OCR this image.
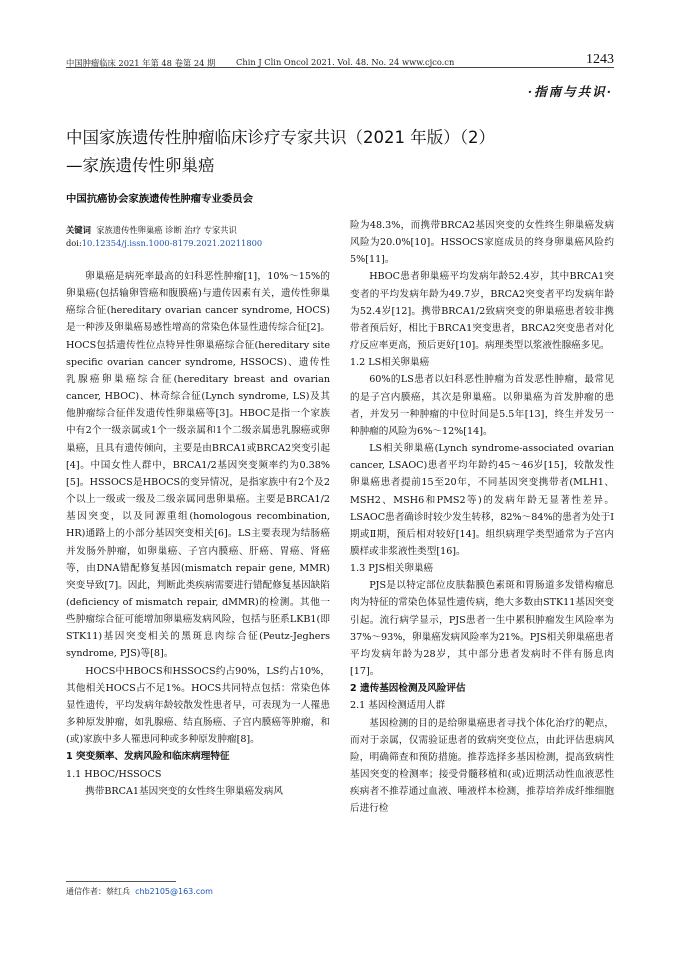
中国肿瘤临床 2021 年第 48 卷第 24 期 Chin J Clin Oncol 2021. Vol. 48. No. 24 www.cjco.cn	1243
·指南与共识·
中国家族遗传性肿瘤临床诊疗专家共识（2021 年版）（2）
—家族遗传性卵巢癌
中国抗癌协会家族遗传性肿瘤专业委员会
关键词 家族遗传性卵巢癌 诊断 治疗 专家共识
doi:10.12354/j.issn.1000-8179.2021.20211800

卵巢癌是病死率最高的妇科恶性肿瘤[1]，10%～15%的卵巢癌(包括输卵管癌和腹膜癌)与遗传因素有关，遗传性卵巢癌综合征(hereditary ovarian cancer syndrome, HOCS)是一种涉及卵巢癌易感性增高的常染色体显性遗传综合征[2]。HOCS包括遗传性位点特异性卵巢癌综合征(hereditary site specific ovarian cancer syndrome, HSSOCS)、遗传性乳腺癌卵巢癌综合征(hereditary breast and ovarian cancer, HBOC)、林奇综合征(Lynch syndrome, LS)及其他肿瘤综合征伴发遗传性卵巢癌等[3]。HBOC是指一个家族中有2个一级亲属或1个一级亲属和1个二级亲属患乳腺癌或卵巢癌，且具有遗传倾向，主要是由BRCA1或BRCA2突变引起[4]。中国女性人群中，BRCA1/2基因突变频率约为0.38%[5]。HSSOCS是HBOCS的变异情况，是指家族中有2个及2个以上一级或一级及二级亲属同患卵巢癌。主要是BRCA1/2基因突变，以及同源重组(homologous recombination, HR)通路上的小部分基因突变相关[6]。LS主要表现为结肠癌并发肠外肿瘤，如卵巢癌、子宫内膜癌、肝癌、胃癌、肾癌等，由DNA错配修复基因(mismatch repair gene, MMR)突变导致[7]。因此，判断此类疾病需要进行错配修复基因缺陷(deficiency of mismatch repair, dMMR)的检测。其他一些肿瘤综合征可能增加卵巢癌发病风险，包括与胚系LKB1(即STK11)基因突变相关的黑斑息肉综合征(Peutz-Jeghers syndrome, PJS)等[8]。

HOCS中HBOCS和HSSOCS约占90%，LS约占10%，其他相关HOCS占不足1%。HOCS共同特点包括：常染色体显性遗传，平均发病年龄较散发性患者早，可表现为一人罹患多种原发肿瘤，如乳腺癌、结直肠癌、子宫内膜癌等肿瘤，和(或)家族中多人罹患同种或多种原发肿瘤[8]。

1 突变频率、发病风险和临床病理特征

1.1 HBOC/HSSOCS

携带BRCA1基因突变的女性终生卵巢癌发病风

险为48.3%，而携带BRCA2基因突变的女性终生卵巢癌发病风险为20.0%[10]。HSSOCS家庭成员的终身卵巢癌风险约5%[11]。

HBOC患者卵巢癌平均发病年龄52.4岁，其中BRCA1突变者的平均发病年龄为49.7岁，BRCA2突变者平均发病年龄为52.4岁[12]。携带BRCA1/2致病突变的卵巢癌患者较非携带者预后好，相比于BRCA1突变患者，BRCA2突变患者对化疗反应率更高，预后更好[10]。病理类型以浆液性腺癌多见。

1.2 LS相关卵巢癌

60%的LS患者以妇科恶性肿瘤为首发恶性肿瘤，最常见的是子宫内膜癌，其次是卵巢癌。以卵巢癌为首发肿瘤的患者，并发另一种肿瘤的中位时间是5.5年[13]，终生并发另一种肿瘤的风险为6%～12%[14]。

LS相关卵巢癌(Lynch syndrome-associated ovarian cancer, LSAOC)患者平均年龄约45～46岁[15]，较散发性卵巢癌患者提前15至20年，不同基因突变携带者(MLH1、MSH2、MSH6和PMS2等)的发病年龄无显著性差异。LSAOC患者确诊时较少发生转移，82%～84%的患者为处于Ⅰ期或Ⅱ期，预后相对较好[14]。组织病理学类型通常为子宫内膜样或非浆液性类型[16]。

1.3 PJS相关卵巢癌

PJS是以特定部位皮肤黏膜色素斑和胃肠道多发错构瘤息肉为特征的常染色体显性遗传病，绝大多数由STK11基因突变引起。流行病学显示，PJS患者一生中累积肿瘤发生风险率为37%～93%，卵巢癌发病风险率为21%。PJS相关卵巢癌患者平均发病年龄为28岁，其中部分患者发病时不伴有肠息肉[17]。

2 遗传基因检测及风险评估

2.1 基因检测适用人群

基因检测的目的是给卵巢癌患者寻找个体化治疗的靶点，而对于亲属，仅需验证患者的致病突变位点，由此评估患病风险，明确筛查和预防措施。推荐选择多基因检测，提高致病性基因突变的检测率；接受骨髓移植和(或)近期活动性血液恶性疾病者不推荐通过血液、唾液样本检测，推荐培养成纤维细胞后进行检

通信作者：蔡红兵 chb2105@163.com
